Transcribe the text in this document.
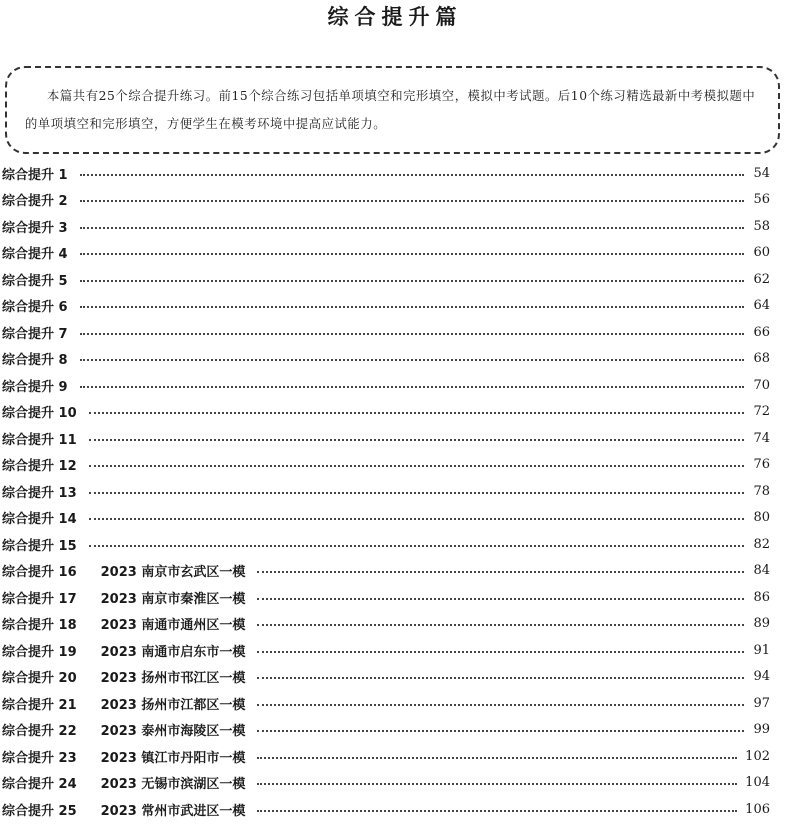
综合提升篇
本篇共有25个综合提升练习。前15个综合练习包括单项填空和完形填空，模拟中考试题。后10个练习精选最新中考模拟题中的单项填空和完形填空，方便学生在模考环境中提高应试能力。
综合提升 1	54
综合提升 2	56
综合提升 3	58
综合提升 4	60
综合提升 5	62
综合提升 6	64
综合提升 7	66
综合提升 8	68
综合提升 9	70
综合提升 10	72
综合提升 11	74
综合提升 12	76
综合提升 13	78
综合提升 14	80
综合提升 15	82
综合提升 16 2023 南京市玄武区一模	84
综合提升 17 2023 南京市秦淮区一模	86
综合提升 18 2023 南通市通州区一模	89
综合提升 19 2023 南通市启东市一模	91
综合提升 20 2023 扬州市邗江区一模	94
综合提升 21 2023 扬州市江都区一模	97
综合提升 22 2023 泰州市海陵区一模	99
综合提升 23 2023 镇江市丹阳市一模	102
综合提升 24 2023 无锡市滨湖区一模	104
综合提升 25 2023 常州市武进区一模	106
